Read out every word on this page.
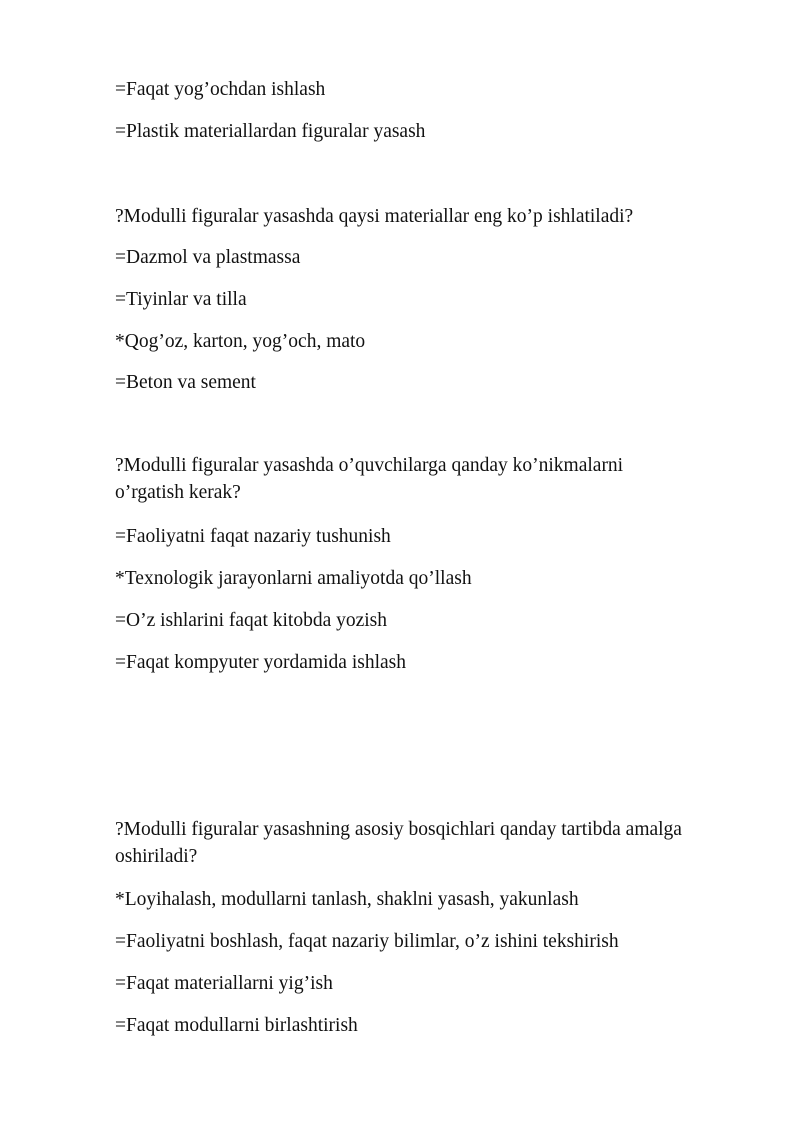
=Faqat yog’ochdan ishlash
=Plastik materiallardan figuralar yasash
?Modulli figuralar yasashda qaysi materiallar eng ko’p ishlatiladi?
=Dazmol va plastmassa
=Tiyinlar va tilla
*Qog’oz, karton, yog’och, mato
=Beton va sement
?Modulli figuralar yasashda o’quvchilarga qanday ko’nikmalarni o’rgatish kerak?
=Faoliyatni faqat nazariy tushunish
*Texnologik jarayonlarni amaliyotda qo’llash
=O’z ishlarini faqat kitobda yozish
=Faqat kompyuter yordamida ishlash
?Modulli figuralar yasashning asosiy bosqichlari qanday tartibda amalga oshiriladi?
*Loyihalash, modullarni tanlash, shaklni yasash, yakunlash
=Faoliyatni boshlash, faqat nazariy bilimlar, o’z ishini tekshirish
=Faqat materiallarni yig’ish
=Faqat modullarni birlashtirish
